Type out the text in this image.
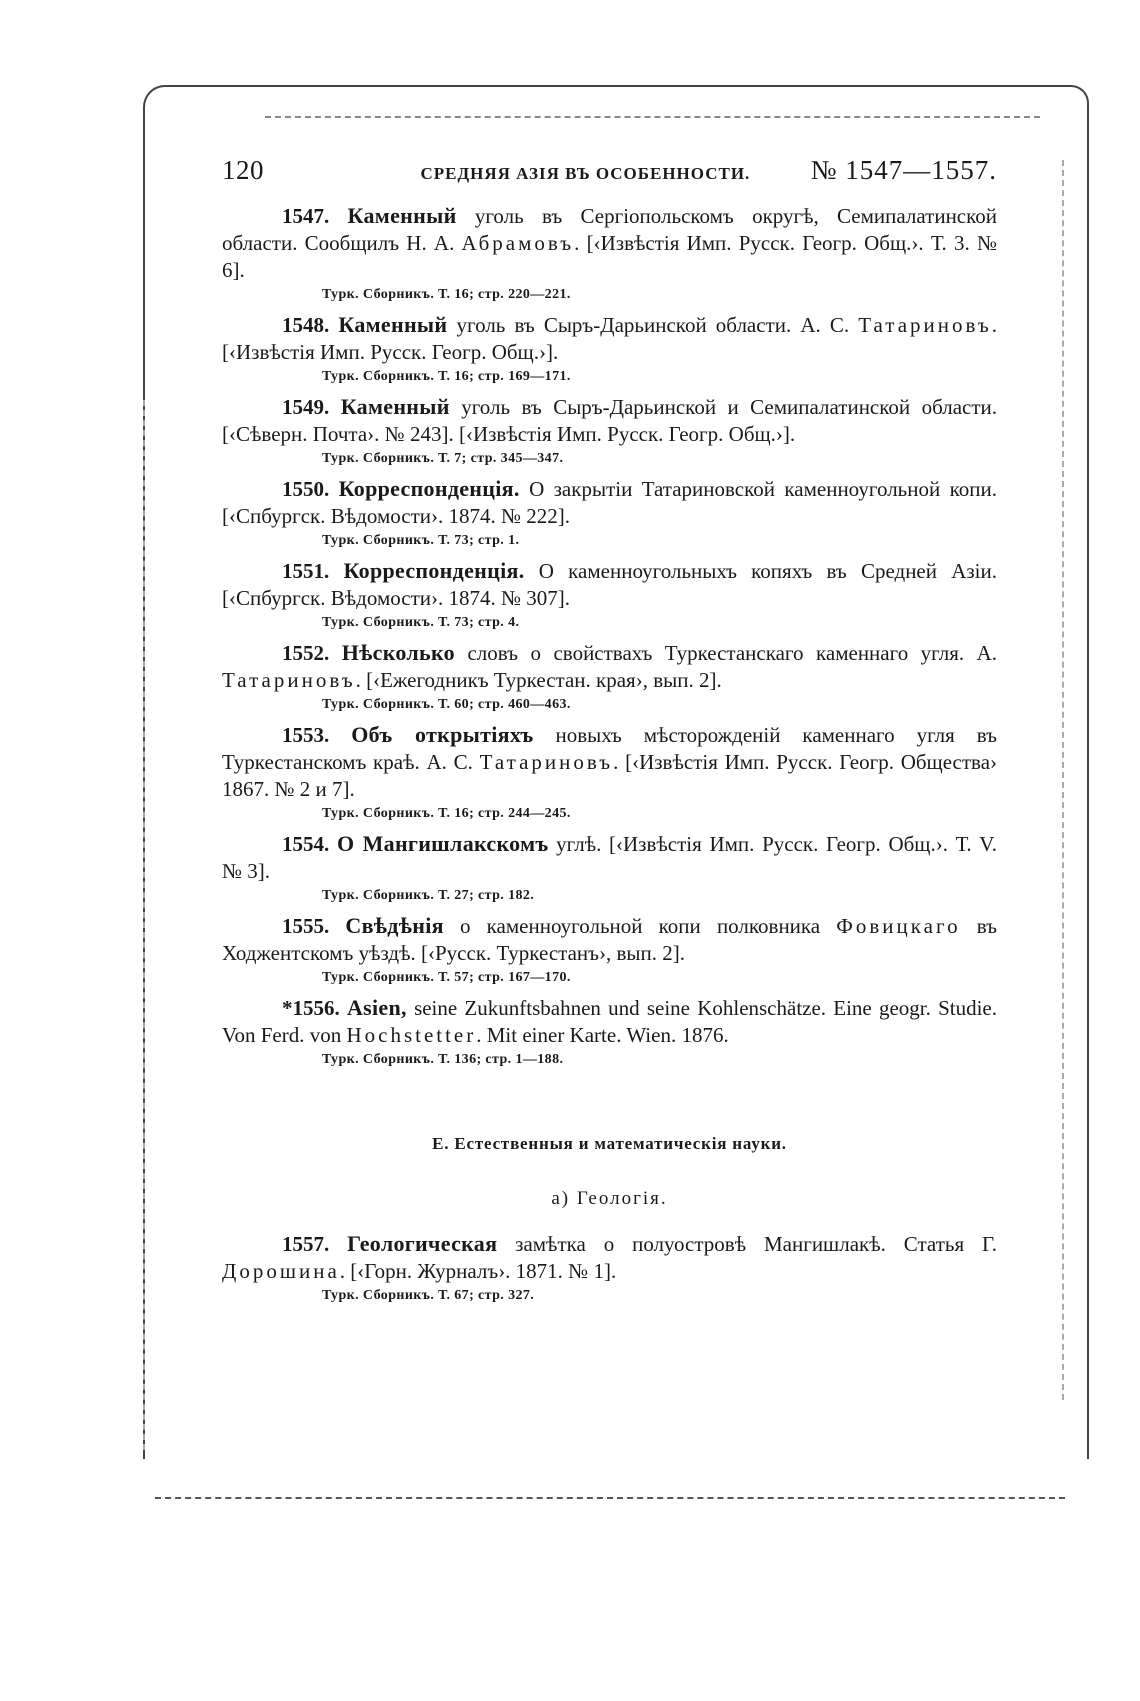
120	СРЕДНЯЯ АЗІЯ ВЪ ОСОБЕННОСТИ. № 1547—1557.

1547. Каменный уголь въ Сергіопольскомъ округѣ, Семипалатинской области. Сообщилъ Н. А. Абрамовъ. [‹Извѣстія Имп. Русск. Геогр. Общ.›. Т. 3. № 6].

Турк. Сборникъ. Т. 16; стр. 220—221.

1548. Каменный уголь въ Сыръ-Дарьинской области. А. С. Татариновъ. [‹Извѣстія Имп. Русск. Геогр. Общ.›].

Турк. Сборникъ. Т. 16; стр. 169—171.

1549. Каменный уголь въ Сыръ-Дарьинской и Семипалатинской области. [‹Сѣверн. Почта›. № 243]. [‹Извѣстія Имп. Русск. Геогр. Общ.›].

Турк. Сборникъ. Т. 7; стр. 345—347.

1550. Корреспонденція. О закрытіи Татариновской каменноугольной копи. [‹Спбургск. Вѣдомости›. 1874. № 222].

Турк. Сборникъ. Т. 73; стр. 1.

1551. Корреспонденція. О каменноугольныхъ копяхъ въ Средней Азіи. [‹Спбургск. Вѣдомости›. 1874. № 307].

Турк. Сборникъ. Т. 73; стр. 4.

1552. Нѣсколько словъ о свойствахъ Туркестанскаго каменнаго угля. А. Татариновъ. [‹Ежегодникъ Туркестан. края›, вып. 2].

Турк. Сборникъ. Т. 60; стр. 460—463.

1553. Объ открытіяхъ новыхъ мѣсторожденій каменнаго угля въ Туркестанскомъ краѣ. А. С. Татариновъ. [‹Извѣстія Имп. Русск. Геогр. Общества› 1867. № 2 и 7].

Турк. Сборникъ. Т. 16; стр. 244—245.

1554. О Мангишлакскомъ углѣ. [‹Извѣстія Имп. Русск. Геогр. Общ.›. Т. V. № 3].

Турк. Сборникъ. Т. 27; стр. 182.

1555. Свѣдѣнія о каменноугольной копи полковника Фовицкаго въ Ходжентскомъ уѣздѣ. [‹Русск. Туркестанъ›, вып. 2].

Турк. Сборникъ. Т. 57; стр. 167—170.

*1556. Asien, seine Zukunftsbahnen und seine Kohlenschätze. Eine geogr. Studie. Von Ferd. von Hochstetter. Mit einer Karte. Wien. 1876.

Турк. Сборникъ. Т. 136; стр. 1—188.
Е. Естественныя и математическія науки.
а) Геологія.

1557. Геологическая замѣтка о полуостровѣ Мангишлакѣ. Статья Г. Дорошина. [‹Горн. Журналъ›. 1871. № 1].

Турк. Сборникъ. Т. 67; стр. 327.
